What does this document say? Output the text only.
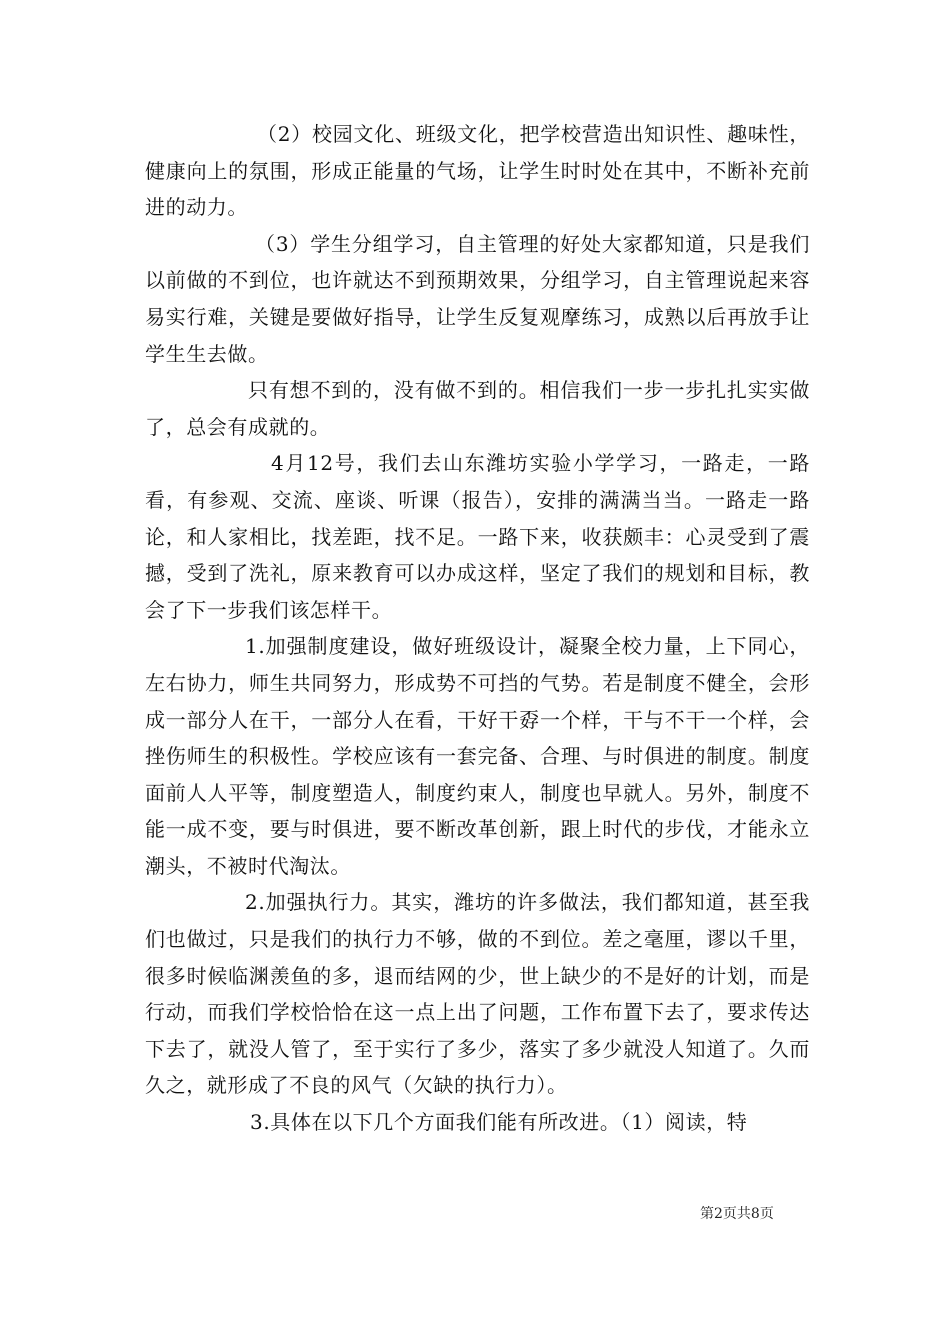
（2）校园文化、班级文化，把学校营造出知识性、趣味性，健康向上的氛围，形成正能量的气场，让学生时时处在其中，不断补充前进的动力。

（3）学生分组学习，自主管理的好处大家都知道，只是我们以前做的不到位，也许就达不到预期效果，分组学习，自主管理说起来容易实行难，关键是要做好指导，让学生反复观摩练习，成熟以后再放手让学生生去做。

只有想不到的，没有做不到的。相信我们一步一步扎扎实实做了，总会有成就的。

4月12号，我们去山东潍坊实验小学学习，一路走，一路看，有参观、交流、座谈、听课（报告），安排的满满当当。一路走一路论，和人家相比，找差距，找不足。一路下来，收获颇丰：心灵受到了震撼，受到了洗礼，原来教育可以办成这样，坚定了我们的规划和目标，教会了下一步我们该怎样干。

1.加强制度建设，做好班级设计，凝聚全校力量，上下同心，左右协力，师生共同努力，形成势不可挡的气势。若是制度不健全，会形成一部分人在干，一部分人在看，干好干孬一个样，干与不干一个样，会挫伤师生的积极性。学校应该有一套完备、合理、与时俱进的制度。制度面前人人平等，制度塑造人，制度约束人，制度也早就人。另外，制度不能一成不变，要与时俱进，要不断改革创新，跟上时代的步伐，才能永立潮头，不被时代淘汰。

2.加强执行力。其实，潍坊的许多做法，我们都知道，甚至我们也做过，只是我们的执行力不够，做的不到位。差之毫厘，谬以千里，很多时候临渊羡鱼的多，退而结网的少，世上缺少的不是好的计划，而是行动，而我们学校恰恰在这一点上出了问题，工作布置下去了，要求传达下去了，就没人管了，至于实行了多少，落实了多少就没人知道了。久而久之，就形成了不良的风气（欠缺的执行力）。

3.具体在以下几个方面我们能有所改进。（1）阅读，特

第2页共8页
